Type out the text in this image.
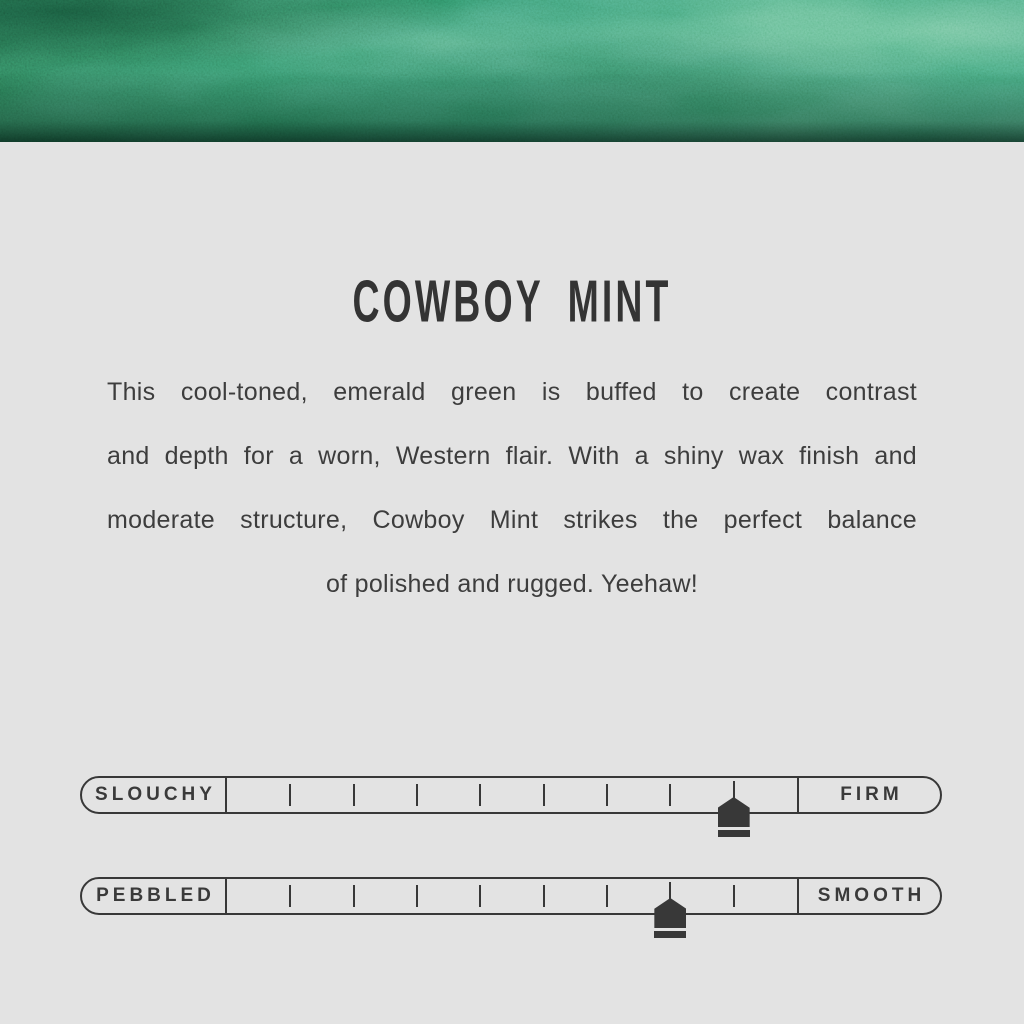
COWBOY MINT
This cool-toned, emerald green is buffed to create contrast
and depth for a worn, Western flair. With a shiny wax finish and
moderate structure, Cowboy Mint strikes the perfect balance
of polished and rugged. Yeehaw!
SLOUCHY	FIRM
PEBBLED	SMOOTH
